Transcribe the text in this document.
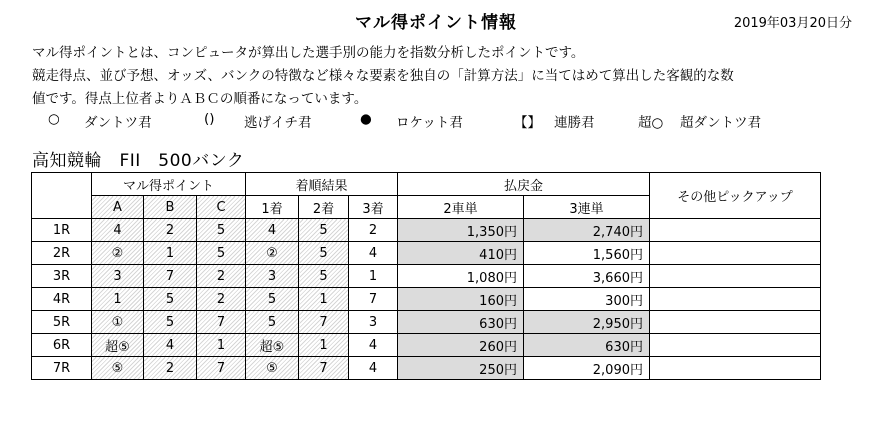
マル得ポイント情報	2019年03月20日分
マル得ポイントとは、コンピュータが算出した選手別の能力を指数分析したポイントです。
競走得点、並び予想、オッズ、バンクの特徴など様々な要素を独自の「計算方法」に当てはめて算出した客観的な数
値です。得点上位者よりＡＢＣの順番になっています。
○	ダントツ君	()	逃げイチ君	●	ロケット君	【】 連勝君	超○	超ダントツ君
高知競輪　FII　500バンク
	マル得ポイント			着順結果			払戻金		その他ピックアップ
	A	B	C	1着	2着	3着	2車単	3連単	
1R	4	2	5	4	5	2	1,350円	2,740円	
2R	②	1	5	②	5	4	410円	1,560円	
3R	3	7	2	3	5	1	1,080円	3,660円	
4R	1	5	2	5	1	7	160円	300円	
5R	①	5	7	5	7	3	630円	2,950円	
6R	超⑤	4	1	超⑤	1	4	260円	630円	
7R	⑤	2	7	⑤	7	4	250円	2,090円	
